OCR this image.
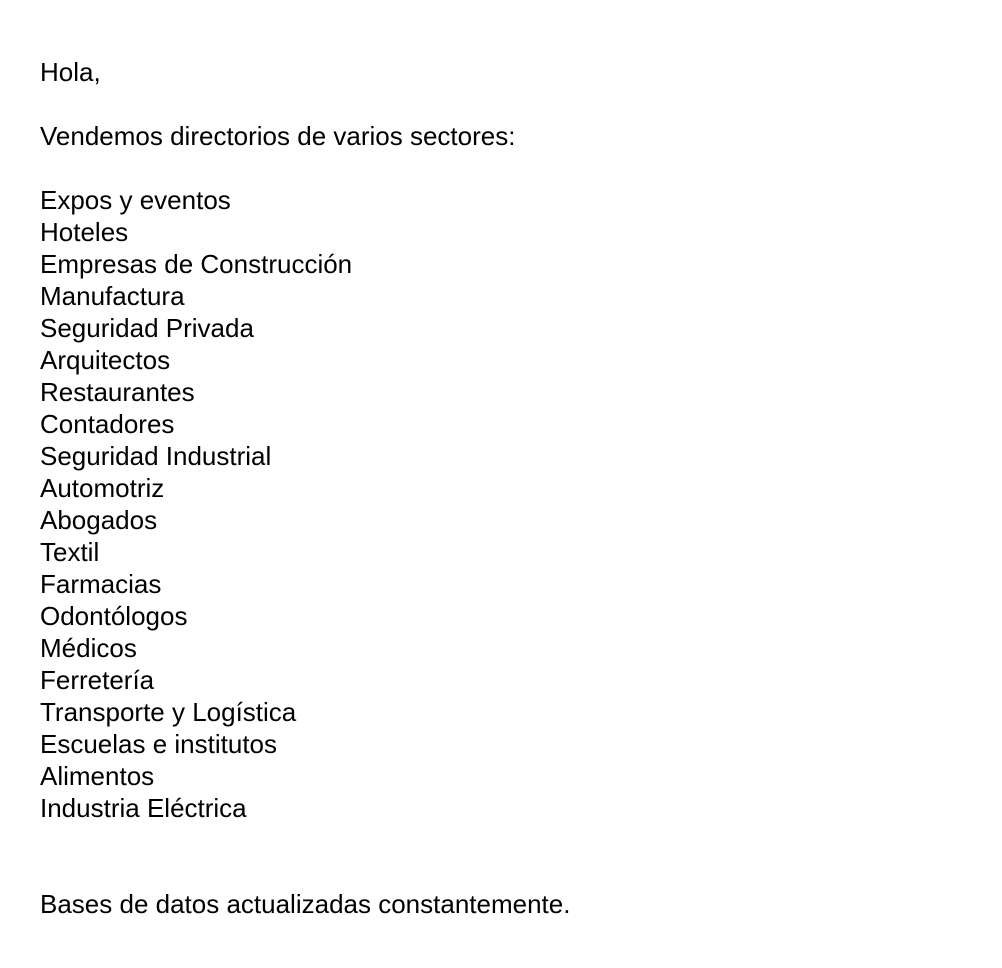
Hola,

Vendemos directorios de varios sectores:

Expos y eventos
Hoteles
Empresas de Construcción
Manufactura
Seguridad Privada
Arquitectos
Restaurantes
Contadores
Seguridad Industrial
Automotriz
Abogados
Textil
Farmacias
Odontólogos
Médicos
Ferretería
Transporte y Logística
Escuelas e institutos
Alimentos
Industria Eléctrica

Bases de datos actualizadas constantemente.
